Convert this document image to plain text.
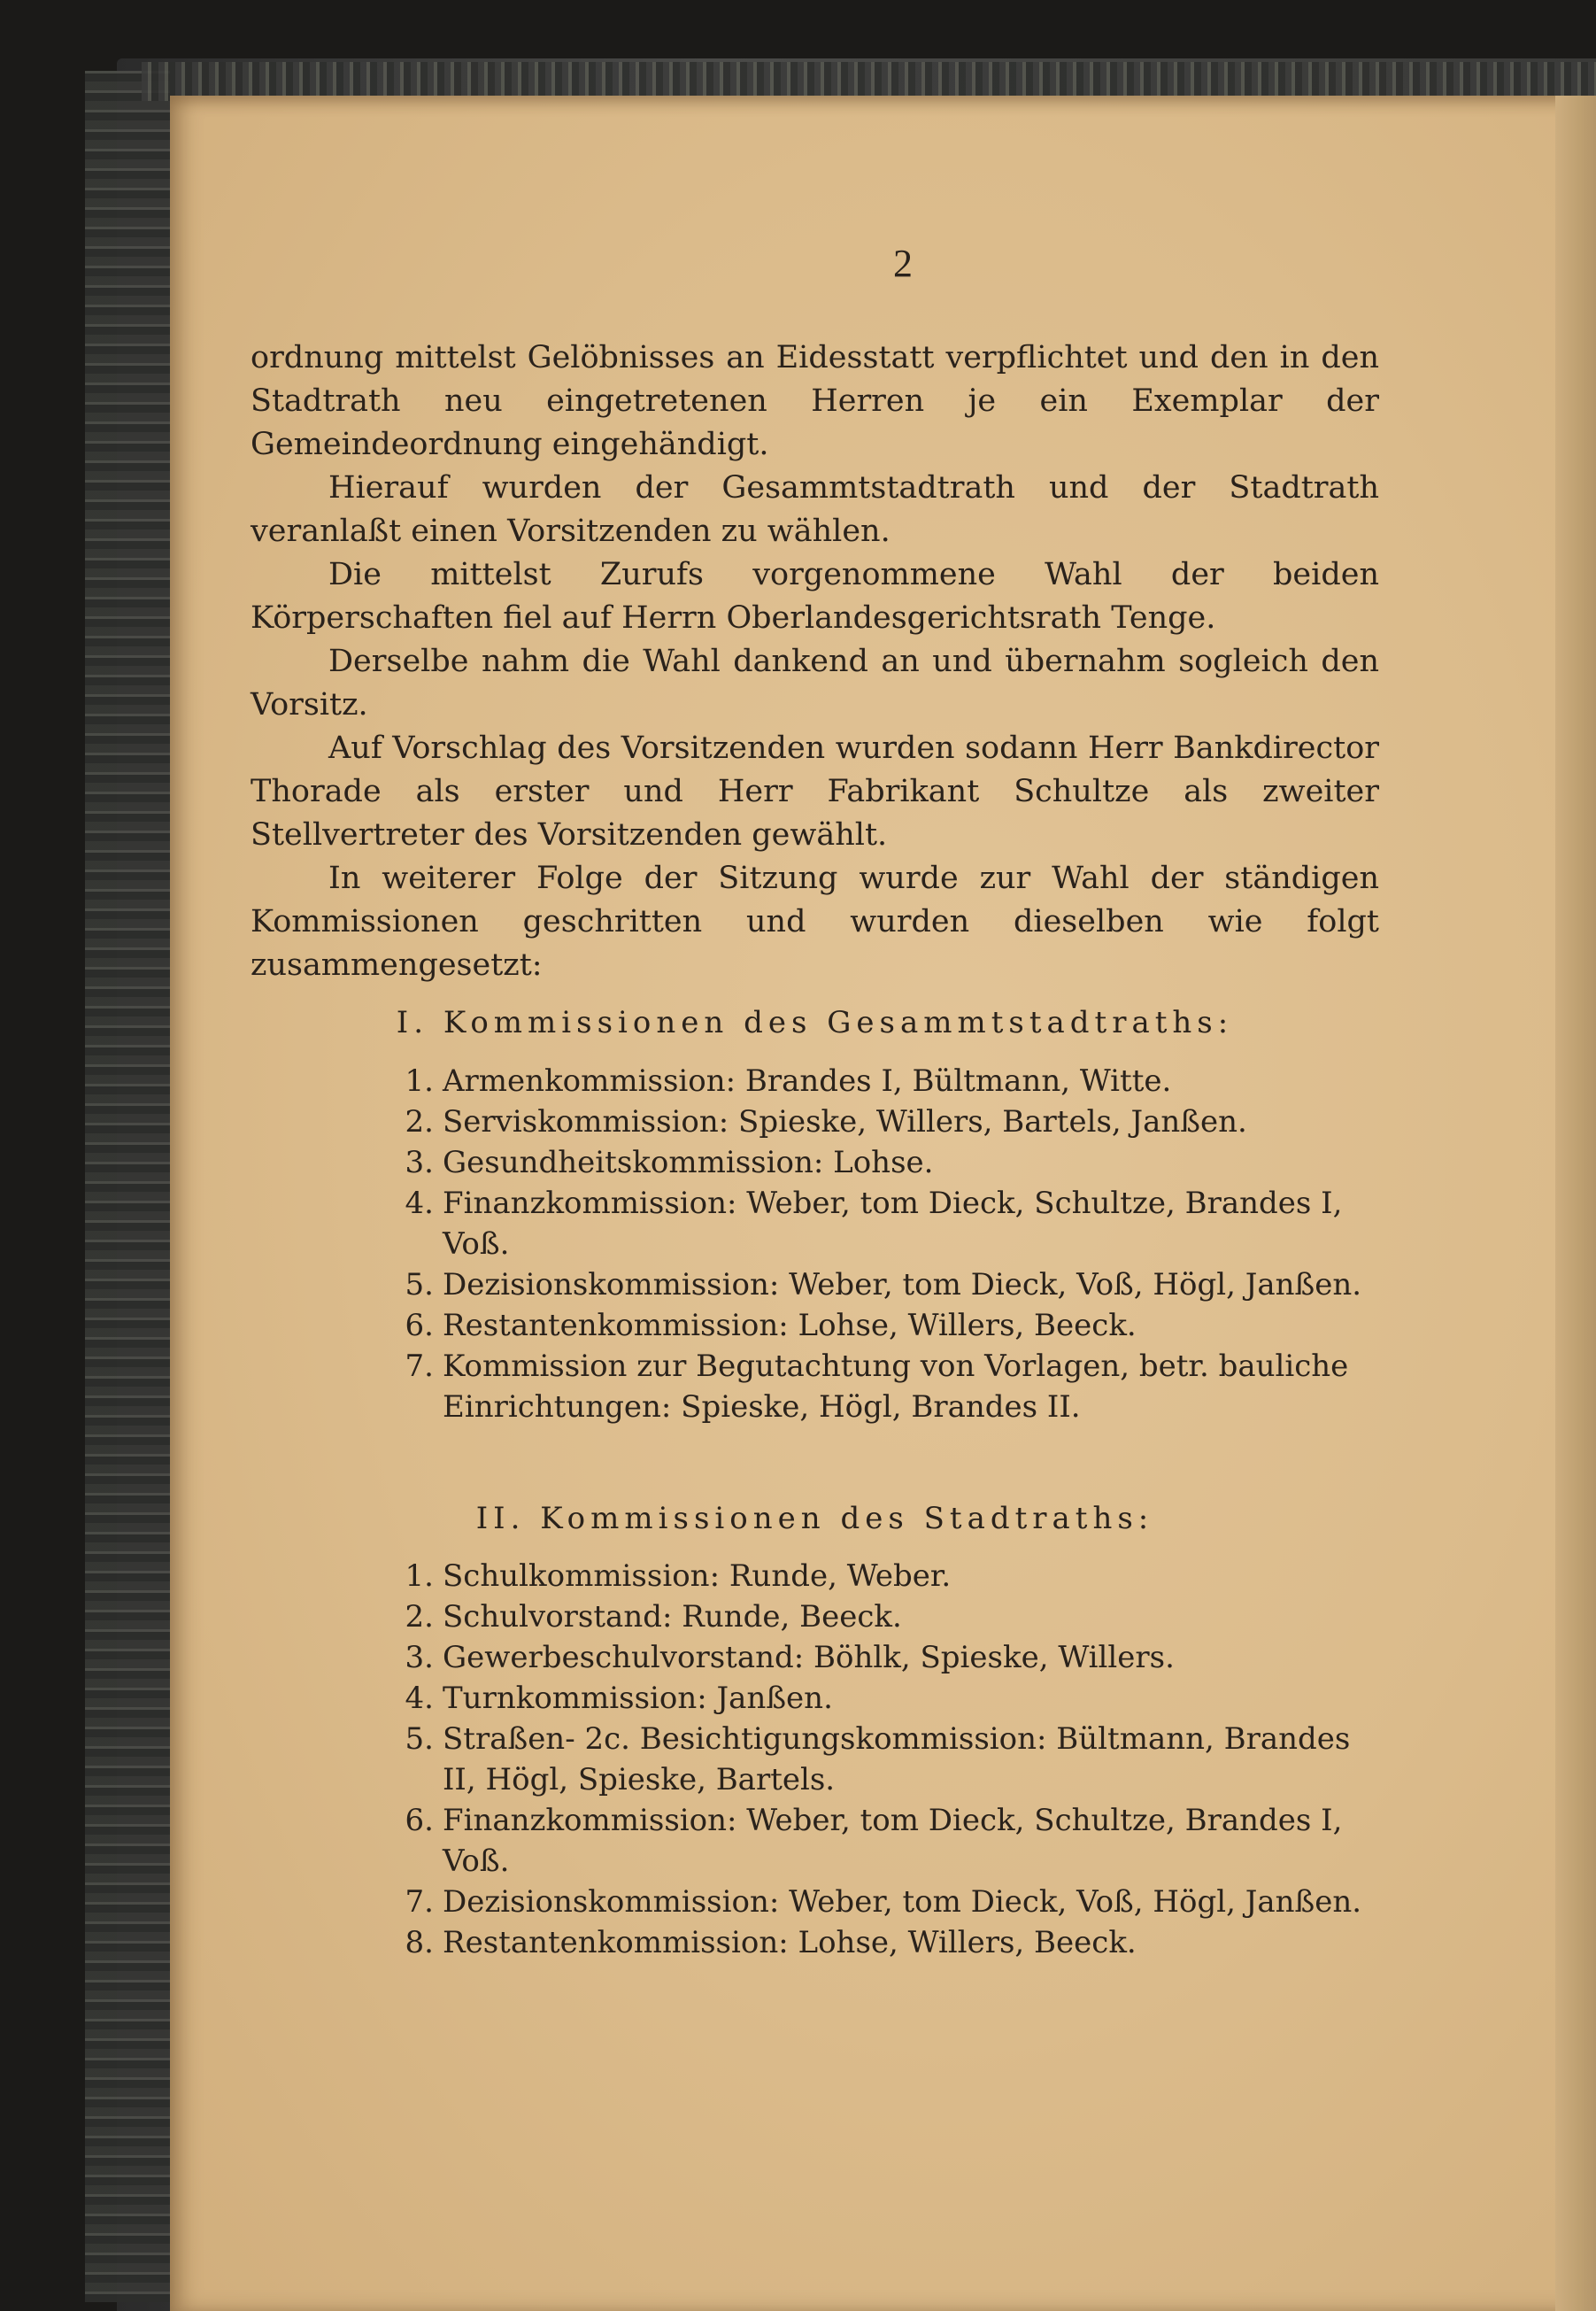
2
ordnung mittelst Gelöbnisses an Eidesstatt verpflichtet und den in den Stadtrath neu eingetretenen Herren je ein Exemplar der Gemeindeordnung eingehändigt.
Hierauf wurden der Gesammtstadtrath und der Stadtrath veranlaßt einen Vorsitzenden zu wählen.
Die mittelst Zurufs vorgenommene Wahl der beiden Körperschaften fiel auf Herrn Oberlandesgerichtsrath Tenge.
Derselbe nahm die Wahl dankend an und übernahm sogleich den Vorsitz.
Auf Vorschlag des Vorsitzenden wurden sodann Herr Bankdirector Thorade als erster und Herr Fabrikant Schultze als zweiter Stellvertreter des Vorsitzenden gewählt.
In weiterer Folge der Sitzung wurde zur Wahl der ständigen Kommissionen geschritten und wurden dieselben wie folgt zusammengesetzt:
I. Kommissionen des Gesammtstadtraths:
1. Armenkommission: Brandes I, Bültmann, Witte.
2. Serviskommission: Spieske, Willers, Bartels, Janßen.
3. Gesundheitskommission: Lohse.
4. Finanzkommission: Weber, tom Dieck, Schultze, Brandes I, Voß.
5. Dezisionskommission: Weber, tom Dieck, Voß, Högl, Janßen.
6. Restantenkommission: Lohse, Willers, Beeck.
7. Kommission zur Begutachtung von Vorlagen, betr. bauliche Einrichtungen: Spieske, Högl, Brandes II.
II. Kommissionen des Stadtraths:
1. Schulkommission: Runde, Weber.
2. Schulvorstand: Runde, Beeck.
3. Gewerbeschulvorstand: Böhlk, Spieske, Willers.
4. Turnkommission: Janßen.
5. Straßen- 2c. Besichtigungskommission: Bültmann, Brandes II, Högl, Spieske, Bartels.
6. Finanzkommission: Weber, tom Dieck, Schultze, Brandes I, Voß.
7. Dezisionskommission: Weber, tom Dieck, Voß, Högl, Janßen.
8. Restantenkommission: Lohse, Willers, Beeck.
